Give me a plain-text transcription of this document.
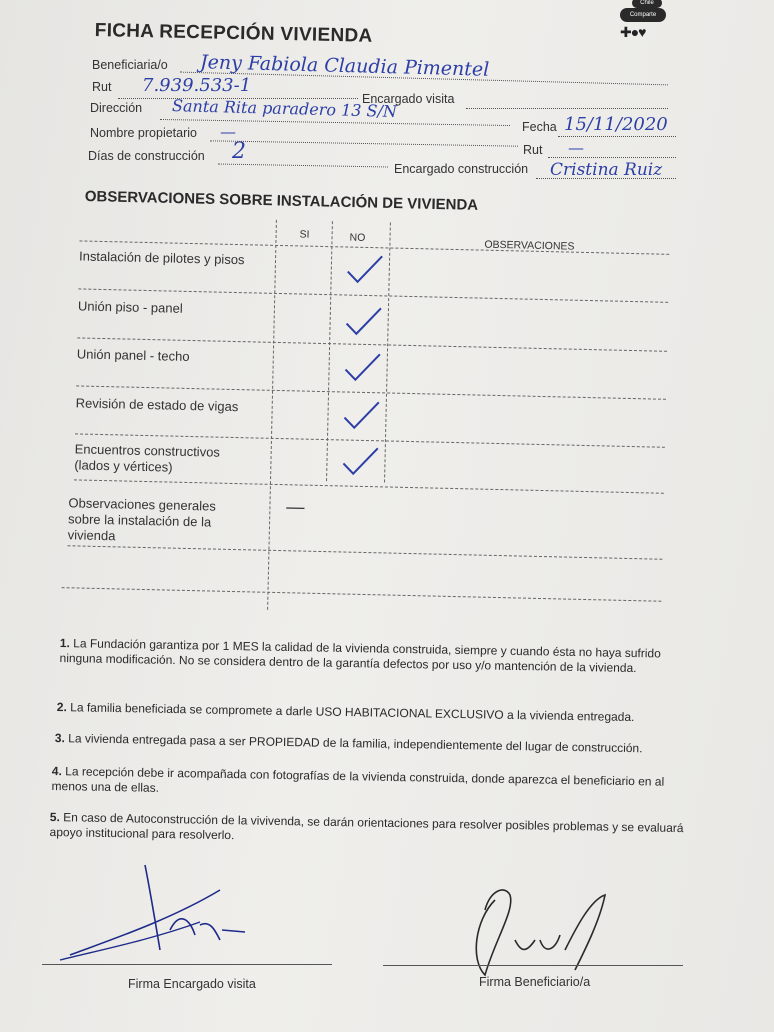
Chile
Comparte
✚●♥
FICHA RECEPCIÓN VIVIENDA
Beneficiaria/o Jeny Fabiola Claudia Pimentel
Rut 7.939.533-1
Encargado visita
Dirección Santa Rita paradero 13 S/N
Fecha 15/11/2020
Nombre propietario —
Rut —
Días de construcción 2
Encargado construcción Cristina Ruiz
OBSERVACIONES SOBRE INSTALACIÓN DE VIVIENDA
SI	NO
OBSERVACIONES
Instalación de pilotes y pisos
Unión piso - panel
Unión panel - techo
Revisión de estado de vigas
Encuentros constructivos
(lados y vértices)
Observaciones generales
sobre la instalación de la
vivienda
—
1. La Fundación garantiza por 1 MES la calidad de la vivienda construida, siempre y cuando ésta no haya sufrido ninguna modificación. No se considera dentro de la garantía defectos por uso y/o mantención de la vivienda.
2. La familia beneficiada se compromete a darle USO HABITACIONAL EXCLUSIVO a la vivienda entregada.
3. La vivienda entregada pasa a ser PROPIEDAD de la familia, independientemente del lugar de construcción.
4. La recepción debe ir acompañada con fotografías de la vivienda construida, donde aparezca el beneficiario en al menos una de ellas.
5. En caso de Autoconstrucción de la vivivenda, se darán orientaciones para resolver posibles problemas y se evaluará apoyo institucional para resolverlo.
Firma Encargado visita	Firma Beneficiario/a
